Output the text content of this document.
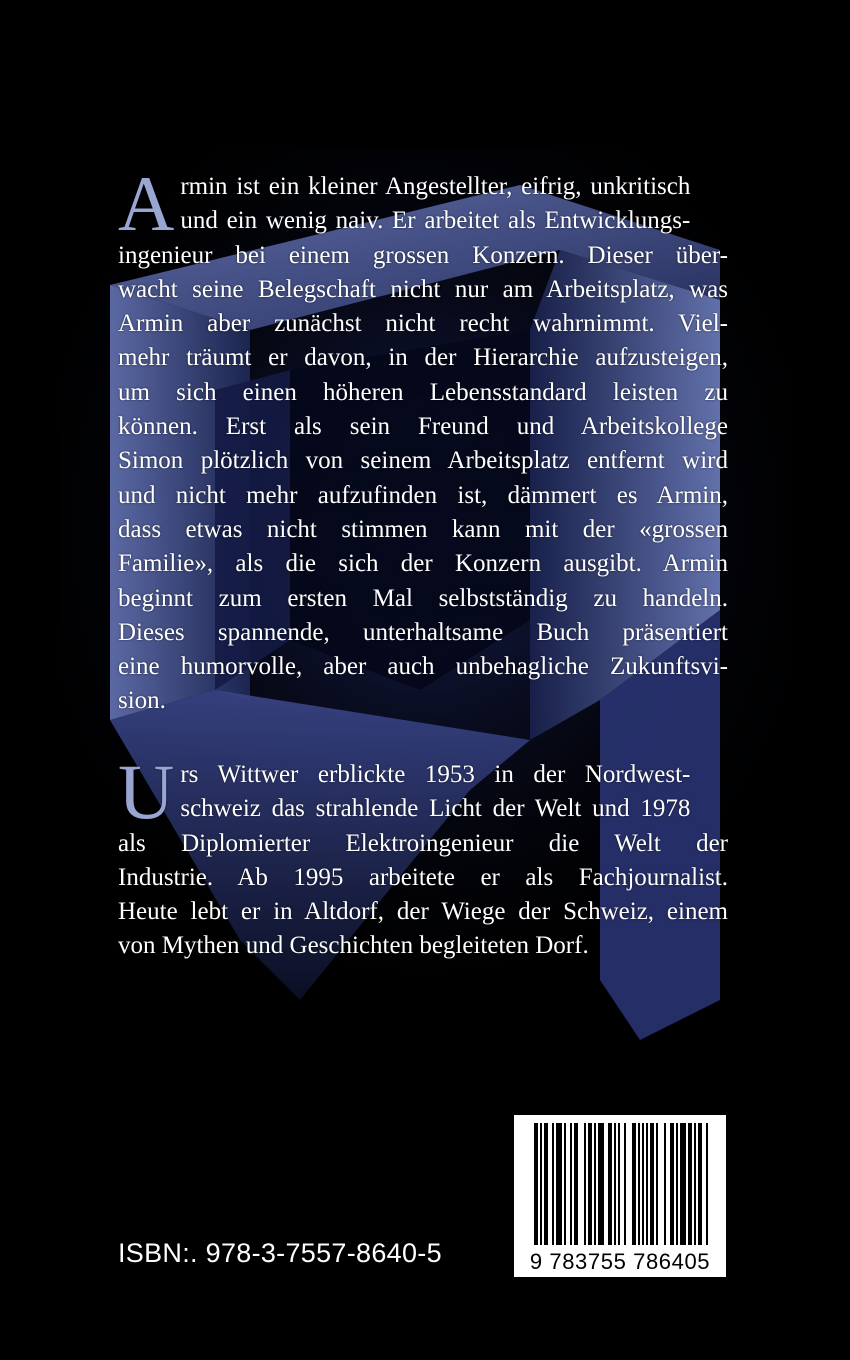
A rmin ist ein kleiner Angestellter, eifrig, unkritisch
und ein wenig naiv. Er arbeitet als Entwicklungs-
ingenieur bei einem grossen Konzern. Dieser über-
wacht seine Belegschaft nicht nur am Arbeitsplatz, was
Armin aber zunächst nicht recht wahrnimmt. Viel-
mehr träumt er davon, in der Hierarchie aufzusteigen,
um sich einen höheren Lebensstandard leisten zu
können. Erst als sein Freund und Arbeitskollege
Simon plötzlich von seinem Arbeitsplatz entfernt wird
und nicht mehr aufzufinden ist, dämmert es Armin,
dass etwas nicht stimmen kann mit der «grossen
Familie», als die sich der Konzern ausgibt. Armin
beginnt zum ersten Mal selbstständig zu handeln.
Dieses spannende, unterhaltsame Buch präsentiert
eine humorvolle, aber auch unbehagliche Zukunftsvi-
sion.
U rs Wittwer erblickte 1953 in der Nordwest-
schweiz das strahlende Licht der Welt und 1978
als Diplomierter Elektroingenieur die Welt der
Industrie. Ab 1995 arbeitete er als Fachjournalist.
Heute lebt er in Altdorf, der Wiege der Schweiz, einem
von Mythen und Geschichten begleiteten Dorf.
ISBN:. 978-3-7557-8640-5	9 783755 786405
